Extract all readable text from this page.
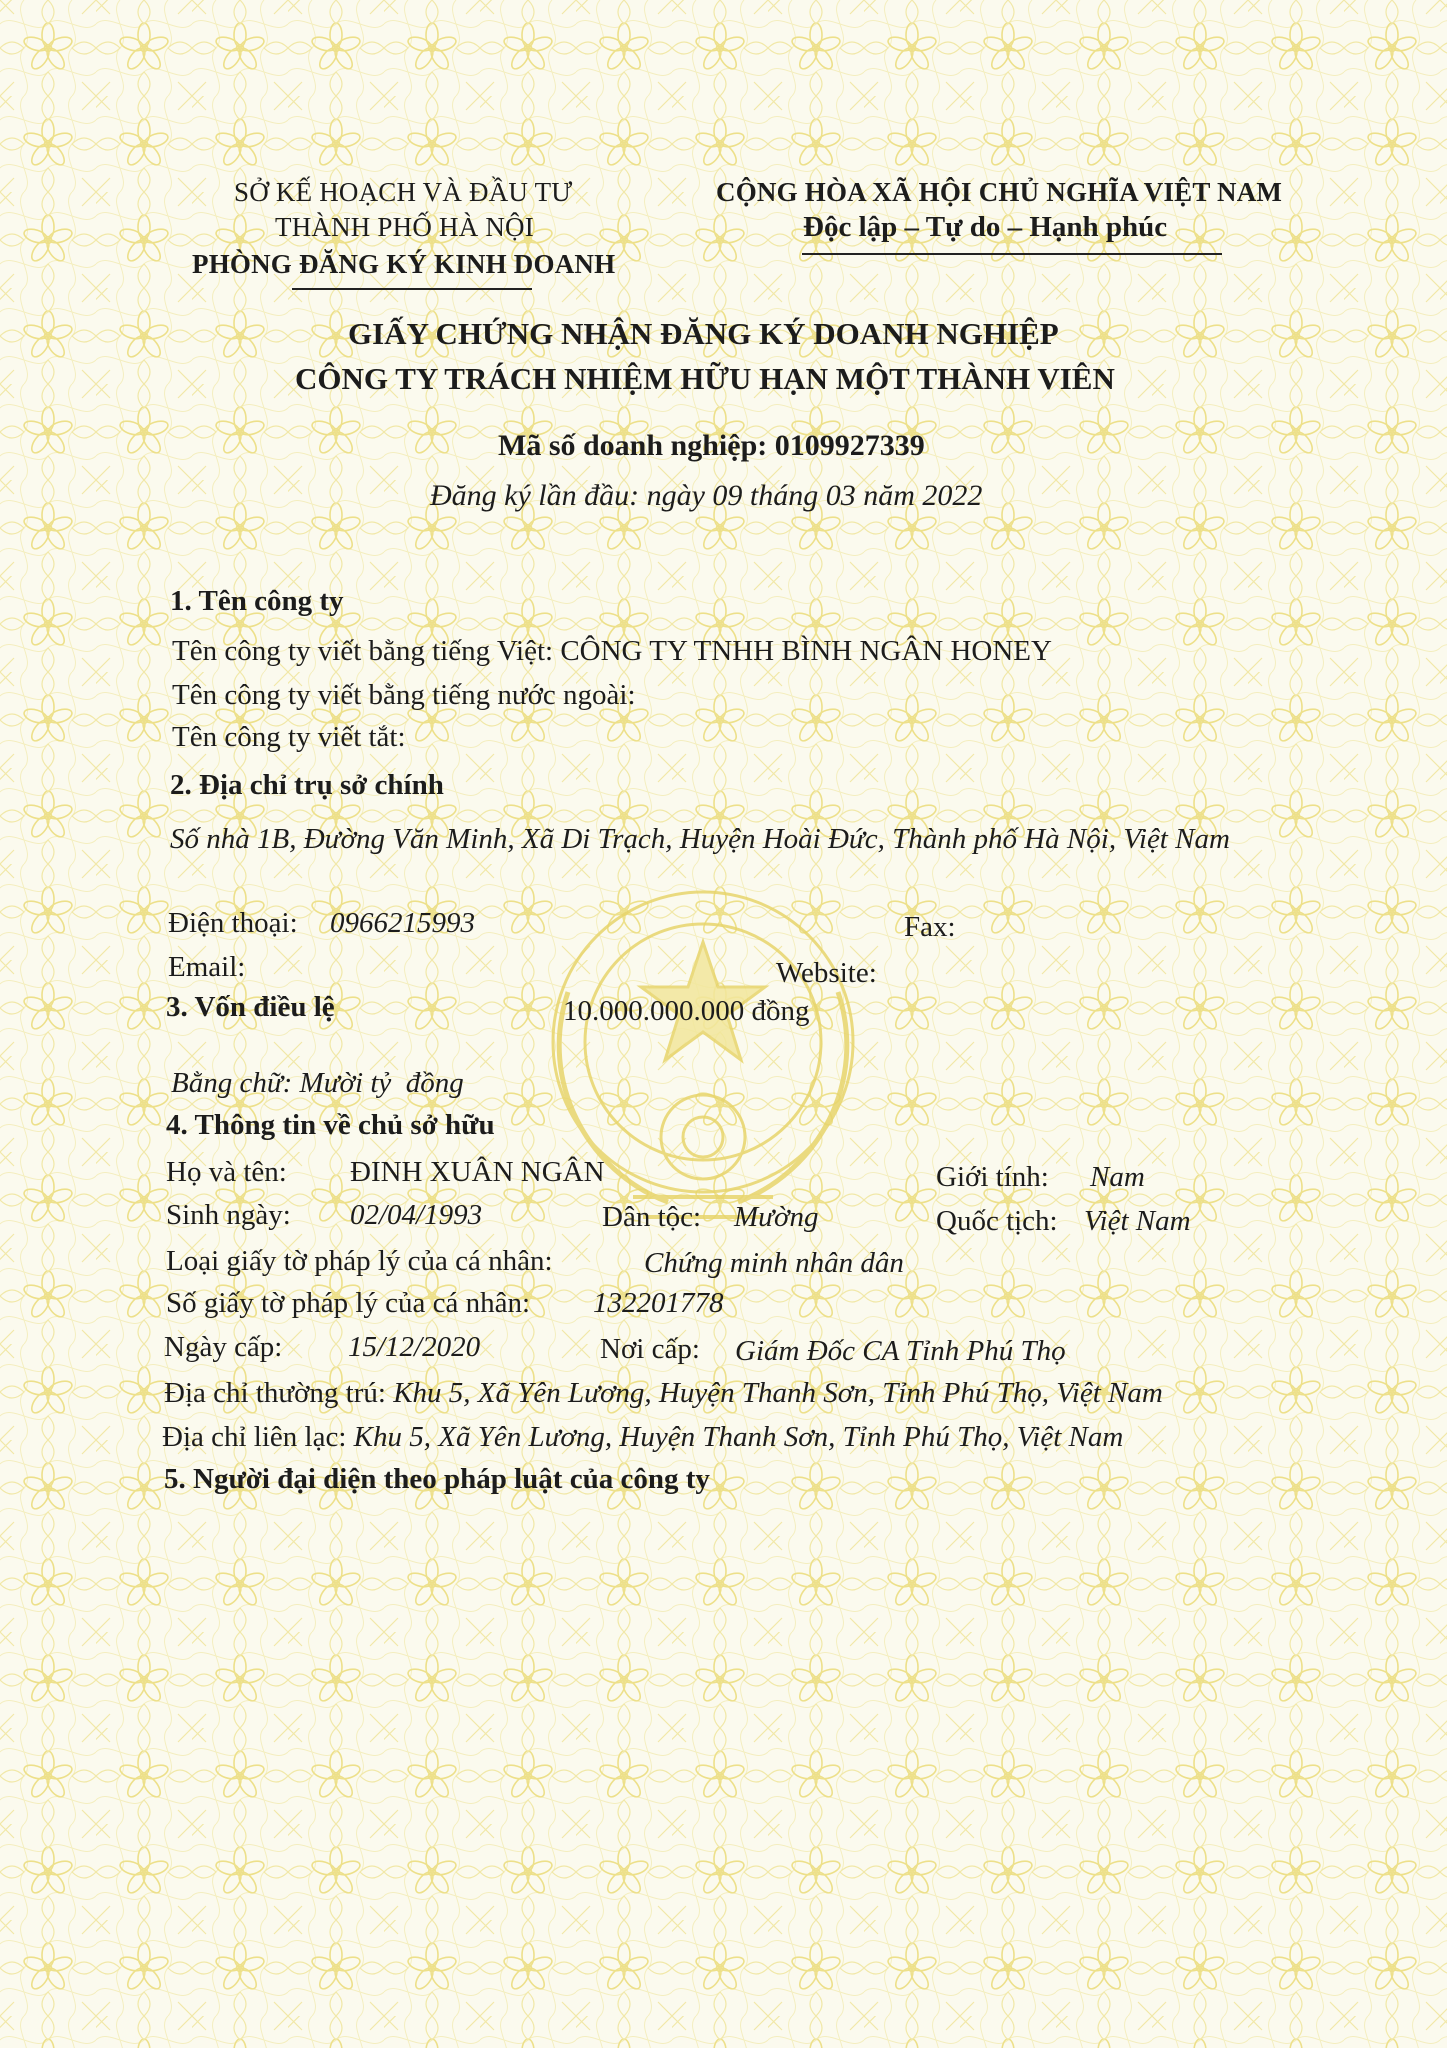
SỞ KẾ HOẠCH VÀ ĐẦU TƯ
THÀNH PHỐ HÀ NỘI
PHÒNG ĐĂNG KÝ KINH DOANH
CỘNG HÒA XÃ HỘI CHỦ NGHĨA VIỆT NAM
Độc lập – Tự do – Hạnh phúc
GIẤY CHỨNG NHẬN ĐĂNG KÝ DOANH NGHIỆP
CÔNG TY TRÁCH NHIỆM HỮU HẠN MỘT THÀNH VIÊN
Mã số doanh nghiệp: 0109927339
Đăng ký lần đầu: ngày 09 tháng 03 năm 2022
1. Tên công ty
Tên công ty viết bằng tiếng Việt: CÔNG TY TNHH BÌNH NGÂN HONEY
Tên công ty viết bằng tiếng nước ngoài:
Tên công ty viết tắt:
2. Địa chỉ trụ sở chính
Số nhà 1B, Đường Văn Minh, Xã Di Trạch, Huyện Hoài Đức, Thành phố Hà Nội, Việt Nam
Điện thoại: 0966215993	Fax:
Email:	Website:
3. Vốn điều lệ	10.000.000.000 đồng
Bằng chữ: Mười tỷ  đồng
4. Thông tin về chủ sở hữu
Họ và tên: ĐINH XUÂN NGÂN	Giới tính: Nam
Sinh ngày: 02/04/1993	Dân tộc: Mường	Quốc tịch: Việt Nam
Loại giấy tờ pháp lý của cá nhân:	Chứng minh nhân dân
Số giấy tờ pháp lý của cá nhân: 132201778
Ngày cấp: 15/12/2020	Nơi cấp: Giám Đốc CA Tỉnh Phú Thọ
Địa chỉ thường trú: Khu 5, Xã Yên Lương, Huyện Thanh Sơn, Tỉnh Phú Thọ, Việt Nam
Địa chỉ liên lạc: Khu 5, Xã Yên Lương, Huyện Thanh Sơn, Tỉnh Phú Thọ, Việt Nam
5. Người đại diện theo pháp luật của công ty
